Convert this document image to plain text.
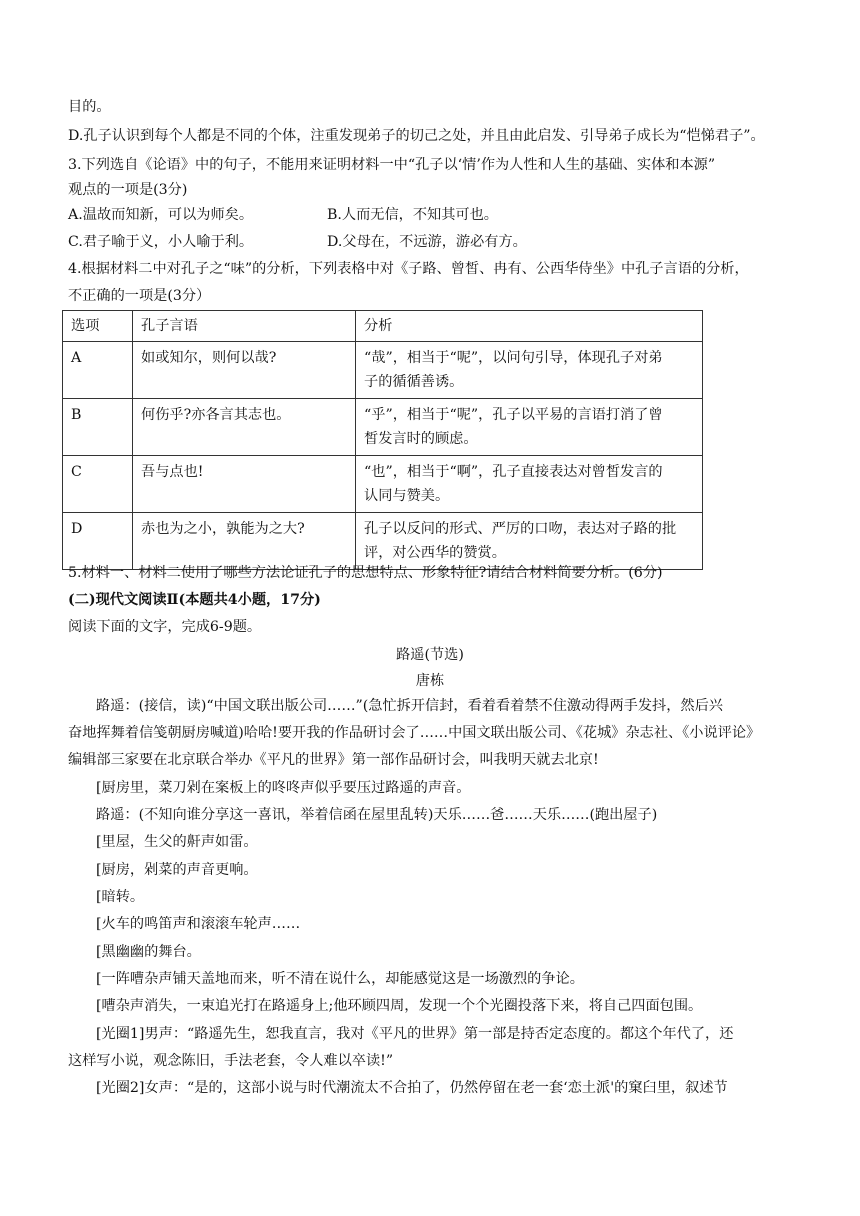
目的。
D.孔子认识到每个人都是不同的个体，注重发现弟子的切己之处，并且由此启发、引导弟子成长为“恺悌君子”。
3.下列选自《论语》中的句子，不能用来证明材料一中“孔子以‘情’作为人性和人生的基础、实体和本源”
观点的一项是(3分)
A.温故而知新，可以为师矣。	B.人而无信，不知其可也。
C.君子喻于义，小人喻于利。	D.父母在，不远游，游必有方。
4.根据材料二中对孔子之“味”的分析，下列表格中对《子路、曾皙、冉有、公西华侍坐》中孔子言语的分析，
不正确的一项是(3分）
选项	孔子言语	分析
A	如或知尔，则何以哉?	“哉”，相当于“呢”，以问句引导，体现孔子对弟
子的循循善诱。

B	何伤乎?亦各言其志也。	“乎”，相当于“呢”，孔子以平易的言语打消了曾
皙发言时的顾虑。

C	吾与点也!	“也”，相当于“啊”，孔子直接表达对曾皙发言的
认同与赞美。

D	赤也为之小，孰能为之大?	孔子以反问的形式、严厉的口吻，表达对子路的批
评，对公西华的赞赏。
5.材料一、材料二使用了哪些方法论证孔子的思想特点、形象特征?请结合材料简要分析。(6分)
(二)现代文阅读Ⅱ(本题共4小题，17分)
阅读下面的文字，完成6-9题。
路遥(节选)
唐栋
路遥：(接信，读)“中国文联出版公司……”(急忙拆开信封，看着看着禁不住激动得两手发抖，然后兴
奋地挥舞着信笺朝厨房喊道)哈哈!要开我的作品研讨会了……中国文联出版公司、《花城》杂志社、《小说评论》
编辑部三家要在北京联合举办《平凡的世界》第一部作品研讨会，叫我明天就去北京!
[厨房里，菜刀剁在案板上的咚咚声似乎要压过路遥的声音。
路遥：(不知向谁分享这一喜讯，举着信函在屋里乱转)天乐……爸……天乐……(跑出屋子)
[里屋，生父的鼾声如雷。
[厨房，剁菜的声音更响。
[暗转。
[火车的鸣笛声和滚滚车轮声……
[黑幽幽的舞台。
[一阵嘈杂声铺天盖地而来，听不清在说什么，却能感觉这是一场激烈的争论。
[嘈杂声消失，一束追光打在路遥身上;他环顾四周，发现一个个光圈投落下来，将自己四面包围。
[光圈1]男声：“路遥先生，恕我直言，我对《平凡的世界》第一部是持否定态度的。都这个年代了，还
这样写小说，观念陈旧，手法老套，令人难以卒读!”
[光圈2]女声：“是的，这部小说与时代潮流太不合拍了，仍然停留在老一套‘恋土派'的窠臼里，叙述节
